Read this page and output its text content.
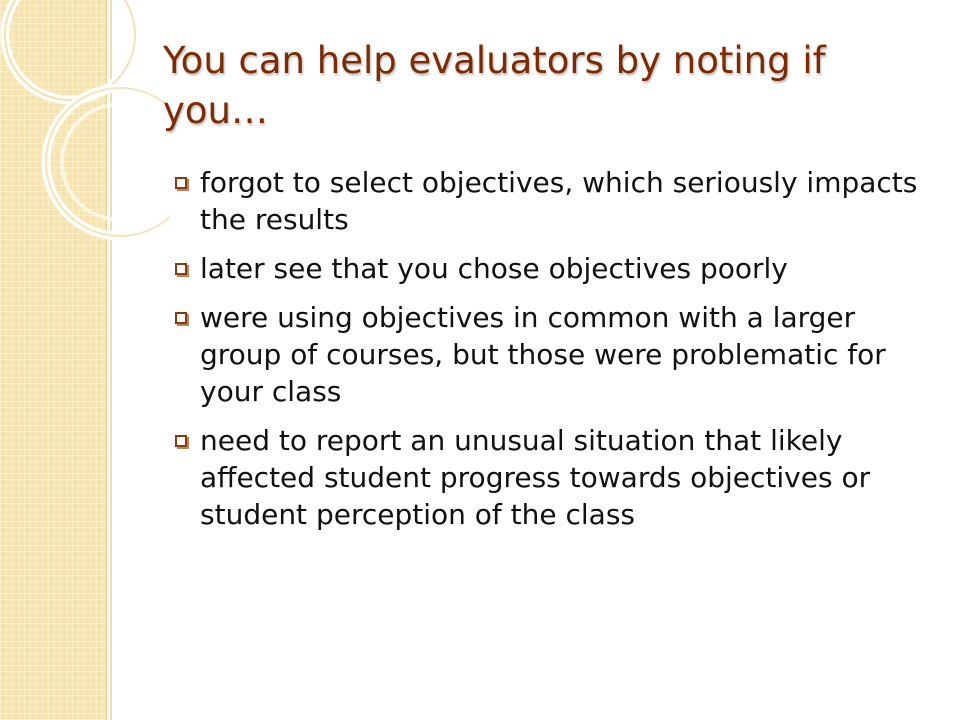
You can help evaluators by noting if you…
forgot to select objectives, which seriously impacts the results
later see that you chose objectives poorly
were using objectives in common with a larger group of courses, but those were problematic for your class
need to report an unusual situation that likely affected student progress towards objectives or student perception of the class
